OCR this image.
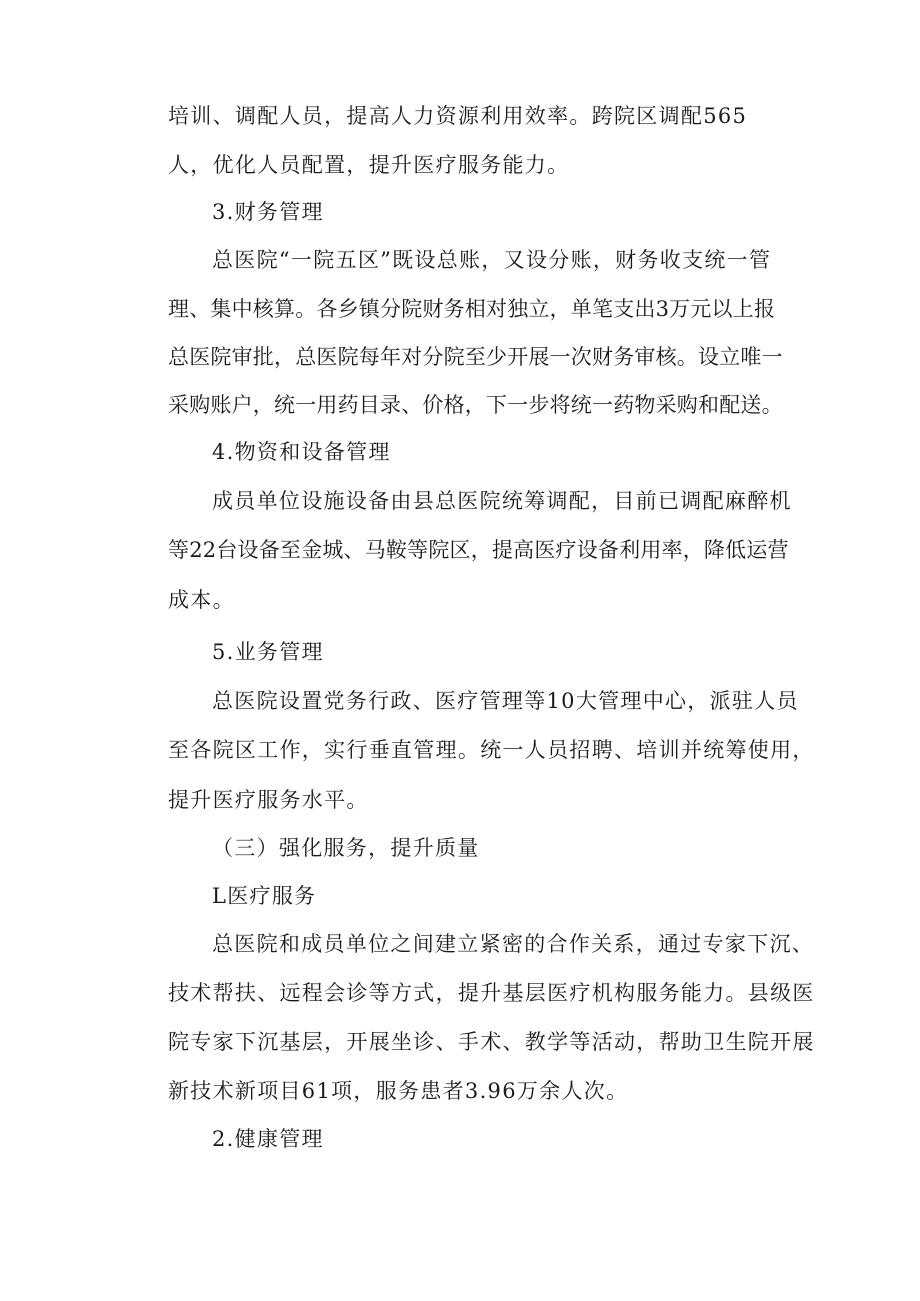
培训、调配人员，提高人力资源利用效率。跨院区调配565

人，优化人员配置，提升医疗服务能力。

3.财务管理

总医院“一院五区”既设总账，又设分账，财务收支统一管

理、集中核算。各乡镇分院财务相对独立，单笔支出3万元以上报

总医院审批，总医院每年对分院至少开展一次财务审核。设立唯一

采购账户，统一用药目录、价格，下一步将统一药物采购和配送。

4.物资和设备管理

成员单位设施设备由县总医院统筹调配，目前已调配麻醉机

等22台设备至金城、马鞍等院区，提高医疗设备利用率，降低运营

成本。

5.业务管理

总医院设置党务行政、医疗管理等10大管理中心，派驻人员

至各院区工作，实行垂直管理。统一人员招聘、培训并统筹使用，

提升医疗服务水平。

（三）强化服务，提升质量

L医疗服务

总医院和成员单位之间建立紧密的合作关系，通过专家下沉、

技术帮扶、远程会诊等方式，提升基层医疗机构服务能力。县级医

院专家下沉基层，开展坐诊、手术、教学等活动，帮助卫生院开展

新技术新项目61项，服务患者3.96万余人次。

2.健康管理
